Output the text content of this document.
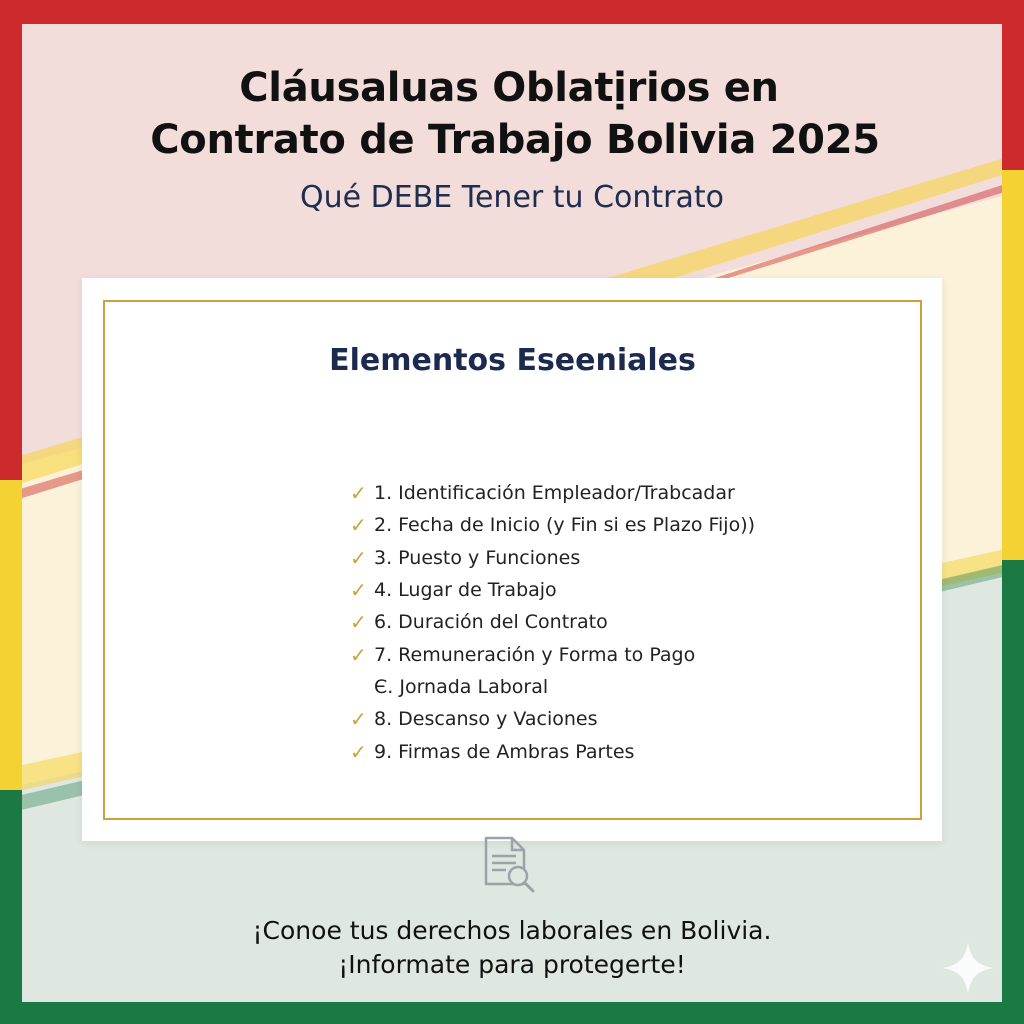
Cláusaluas Oblatịrios en
Contrato de Trabajo Bolivia 2025
Qué DEBE Tener tu Contrato
Elementos Eseeniales
✓ 1. Identificación Empleador/Trabcadar
✓ 2. Fecha de Inicio (y Fin si es Plazo Fijo))
✓ 3. Puesto y Funciones
✓ 4. Lugar de Trabajo
✓ 6. Duración del Contrato
✓ 7. Remuneración y Forma to Pago
Є. Jornada Laboral
✓ 8. Descanso y Vaciones
✓ 9. Firmas de Ambras Partes
¡Conoe tus derechos laborales en Bolivia.
¡Informate para protegerte!
